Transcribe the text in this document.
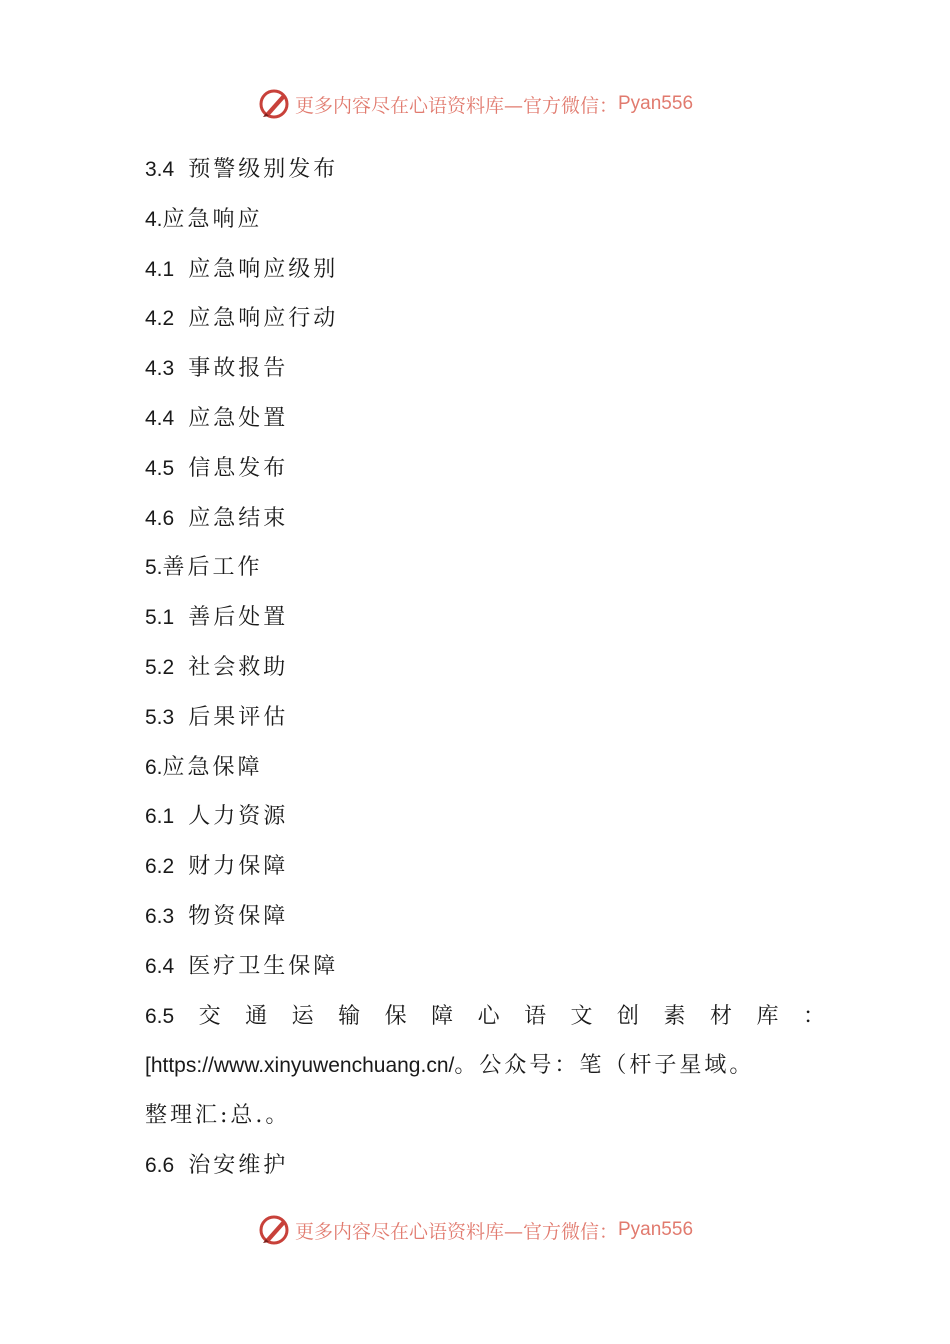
更多内容尽在心语资料库—官方微信： Pyan556
3.4 预警级别发布
4. 应急响应
4.1 应急响应级别
4.2 应急响应行动
4.3 事故报告
4.4 应急处置
4.5 信息发布
4.6 应急结束
5. 善后工作
5.1 善后处置
5.2 社会救助
5.3 后果评估
6. 应急保障
6.1 人力资源
6.2 财力保障
6.3 物资保障
6.4 医疗卫生保障
6.5 交 通 运 输 保 障 心 语 文 创 素 材 库 ：
[https://www.xinyuwenchuang.cn/ 。公众号：笔（杆子星域。
整理汇:总.。
6.6 治安维护
更多内容尽在心语资料库—官方微信： Pyan556
